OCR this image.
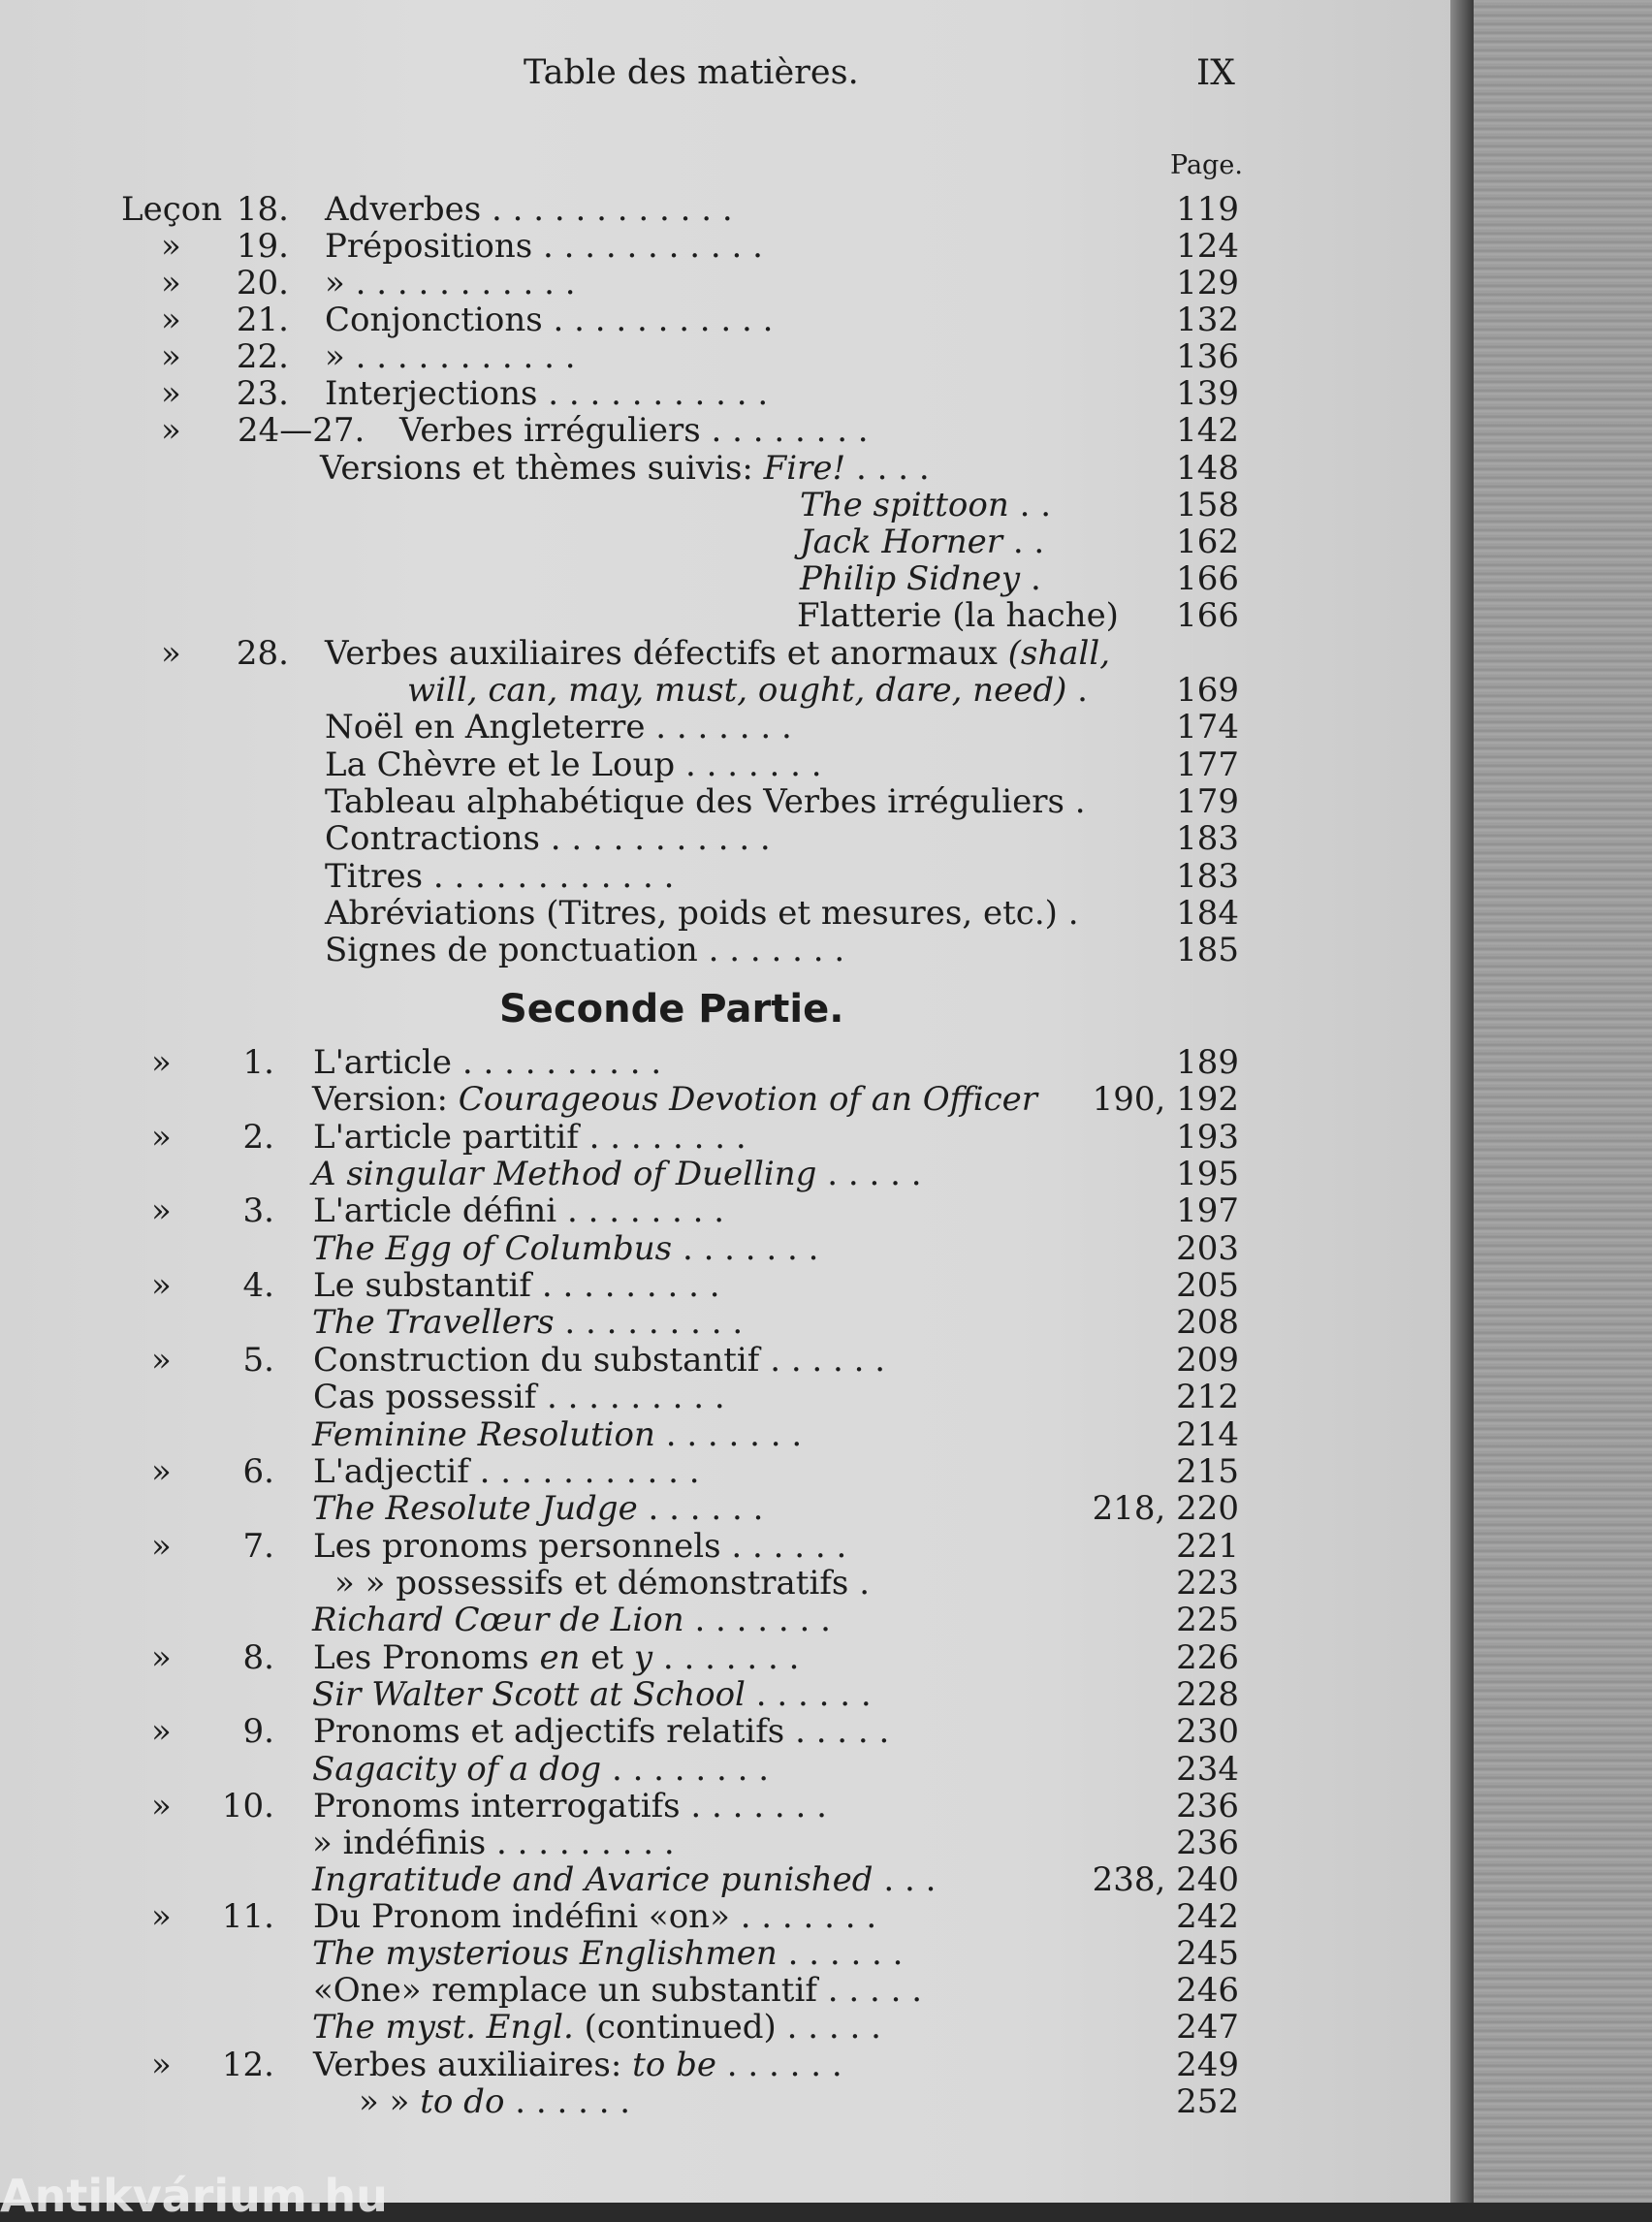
Table des matières.	IX
Page.
Seconde Partie.
Leçon 18. Adverbes . . . . . . . . . . . .	119
»	19. Prépositions . . . . . . . . . . .	124
»	20. » . . . . . . . . . . .	129
»	21. Conjonctions . . . . . . . . . . .	132
»	22. » . . . . . . . . . . .	136
»	23. Interjections . . . . . . . . . . .	139
» 24—27. Verbes irréguliers . . . . . . . .	142
Versions et thèmes suivis: Fire! . . . .	148
The spittoon . .	158
Jack Horner . .	162
Philip Sidney .	166
Flatterie (la hache)	166
»	28. Verbes auxiliaires défectifs et anormaux (shall,
will, can, may, must, ought, dare, need) .	169
Noël en Angleterre . . . . . . .	174
La Chèvre et le Loup . . . . . . .	177
Tableau alphabétique des Verbes irréguliers .	179
Contractions . . . . . . . . . . .	183
Titres . . . . . . . . . . . .	183
Abréviations (Titres, poids et mesures, etc.) .	184
Signes de ponctuation . . . . . . .	185
»	1. L'article . . . . . . . . . .	189
Version: Courageous Devotion of an Officer	190, 192
»	2. L'article partitif . . . . . . . .	193
A singular Method of Duelling . . . . .	195
»	3. L'article défini . . . . . . . .	197
The Egg of Columbus . . . . . . .	203
»	4. Le substantif . . . . . . . . .	205
The Travellers . . . . . . . . .	208
»	5. Construction du substantif . . . . . .	209
Cas possessif . . . . . . . . .	212
Feminine Resolution . . . . . . .	214
»	6. L'adjectif . . . . . . . . . . .	215
The Resolute Judge . . . . . .	218, 220
»	7. Les pronoms personnels . . . . . .	221
» » possessifs et démonstratifs .	223
Richard Cœur de Lion . . . . . . .	225
»	8. Les Pronoms en et y . . . . . . .	226
Sir Walter Scott at School . . . . . .	228
»	9. Pronoms et adjectifs relatifs . . . . .	230
Sagacity of a dog . . . . . . . .	234
»	10. Pronoms interrogatifs . . . . . . .	236
» indéfinis . . . . . . . . .	236
Ingratitude and Avarice punished . . .	238, 240
»	11. Du Pronom indéfini «on» . . . . . . .	242
The mysterious Englishmen . . . . . .	245
«One» remplace un substantif . . . . .	246
The myst. Engl. (continued) . . . . .	247
»	12. Verbes auxiliaires: to be . . . . . .	249
» » to do . . . . . .	252
Antikvárium.hu
